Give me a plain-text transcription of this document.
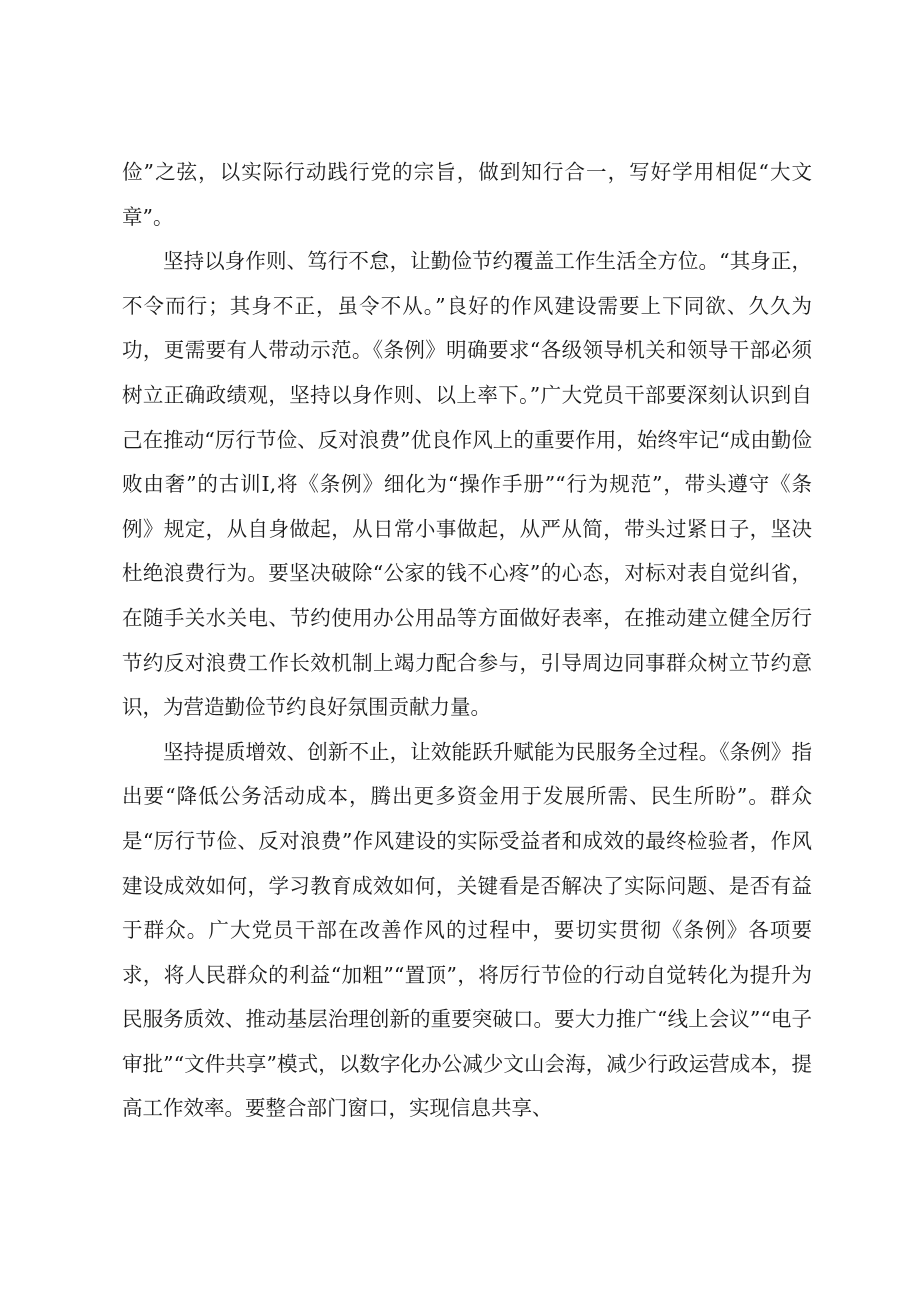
俭”之弦，以实际行动践行党的宗旨，做到知行合一，写好学用相促“大文章”。

坚持以身作则、笃行不怠，让勤俭节约覆盖工作生活全方位。“其身正，不令而行；其身不正，虽令不从。”良好的作风建设需要上下同欲、久久为功，更需要有人带动示范。《条例》明确要求“各级领导机关和领导干部必须树立正确政绩观，坚持以身作则、以上率下。”广大党员干部要深刻认识到自己在推动“厉行节俭、反对浪费”优良作风上的重要作用，始终牢记“成由勤俭败由奢”的古训I,将《条例》细化为“操作手册”“行为规范”，带头遵守《条例》规定，从自身做起，从日常小事做起，从严从简，带头过紧日子，坚决杜绝浪费行为。要坚决破除“公家的钱不心疼”的心态，对标对表自觉纠省，在随手关水关电、节约使用办公用品等方面做好表率，在推动建立健全厉行节约反对浪费工作长效机制上竭力配合参与，引导周边同事群众树立节约意识，为营造勤俭节约良好氛围贡献力量。

坚持提质增效、创新不止，让效能跃升赋能为民服务全过程。《条例》指出要“降低公务活动成本，腾出更多资金用于发展所需、民生所盼”。群众是“厉行节俭、反对浪费”作风建设的实际受益者和成效的最终检验者，作风建设成效如何，学习教育成效如何，关键看是否解决了实际问题、是否有益于群众。广大党员干部在改善作风的过程中，要切实贯彻《条例》各项要求，将人民群众的利益“加粗”“置顶”，将厉行节俭的行动自觉转化为提升为民服务质效、推动基层治理创新的重要突破口。要大力推广“线上会议”“电子审批”“文件共享”模式，以数字化办公减少文山会海，减少行政运营成本，提高工作效率。要整合部门窗口，实现信息共享、
